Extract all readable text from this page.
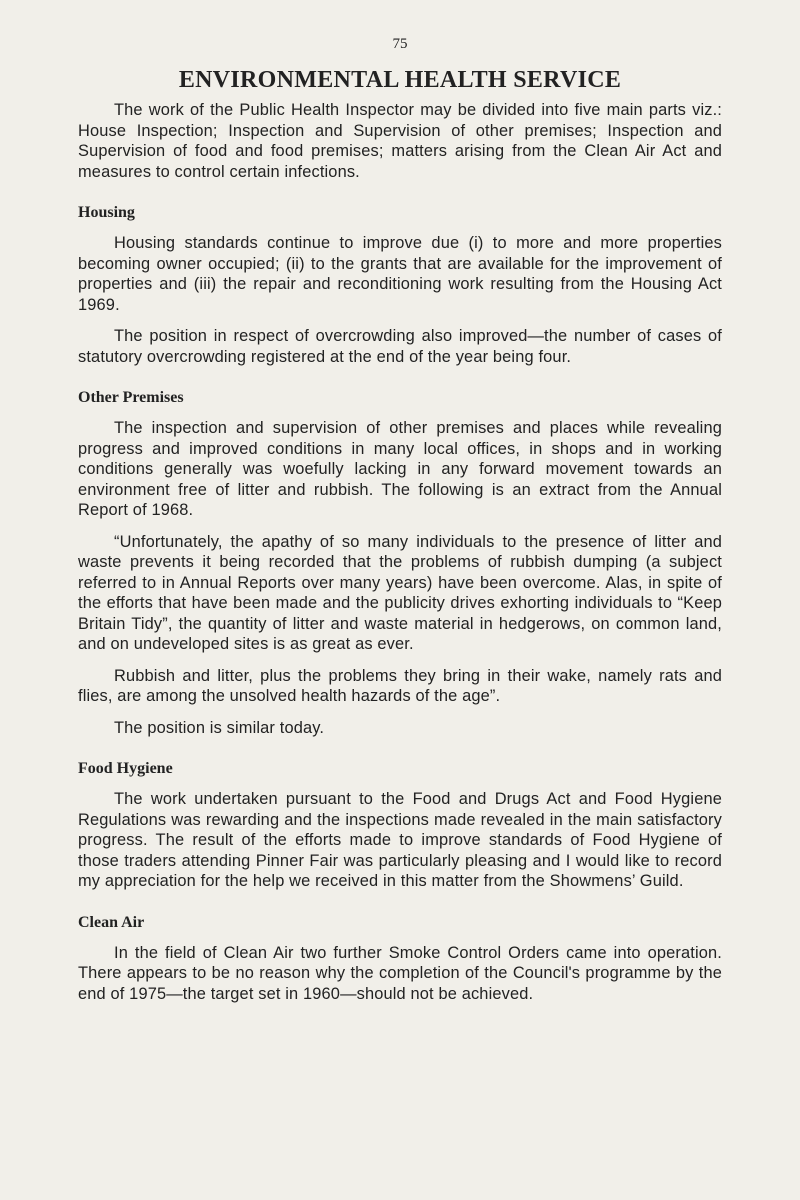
75
ENVIRONMENTAL HEALTH SERVICE

The work of the Public Health Inspector may be divided into five main parts viz.: House Inspection; Inspection and Supervision of other premises; Inspection and Supervision of food and food premises; matters arising from the Clean Air Act and measures to control certain infections.

Housing

Housing standards continue to improve due (i) to more and more properties becoming owner occupied; (ii) to the grants that are available for the improvement of properties and (iii) the repair and reconditioning work resulting from the Housing Act 1969.

The position in respect of overcrowding also improved—the number of cases of statutory overcrowding registered at the end of the year being four.

Other Premises

The inspection and supervision of other premises and places while revealing progress and improved conditions in many local offices, in shops and in working conditions generally was woefully lacking in any forward movement towards an environment free of litter and rubbish. The following is an extract from the Annual Report of 1968.

“Unfortunately, the apathy of so many individuals to the presence of litter and waste prevents it being recorded that the problems of rubbish dumping (a subject referred to in Annual Reports over many years) have been overcome. Alas, in spite of the efforts that have been made and the publicity drives exhorting individuals to “Keep Britain Tidy”, the quantity of litter and waste material in hedgerows, on common land, and on undeveloped sites is as great as ever.

Rubbish and litter, plus the problems they bring in their wake, namely rats and flies, are among the unsolved health hazards of the age”.

The position is similar today.

Food Hygiene

The work undertaken pursuant to the Food and Drugs Act and Food Hygiene Regulations was rewarding and the inspections made revealed in the main satisfactory progress. The result of the efforts made to improve standards of Food Hygiene of those traders attending Pinner Fair was particularly pleasing and I would like to record my appreciation for the help we received in this matter from the Showmens’ Guild.

Clean Air

In the field of Clean Air two further Smoke Control Orders came into operation. There appears to be no reason why the completion of the Council's programme by the end of 1975—the target set in 1960—should not be achieved.
